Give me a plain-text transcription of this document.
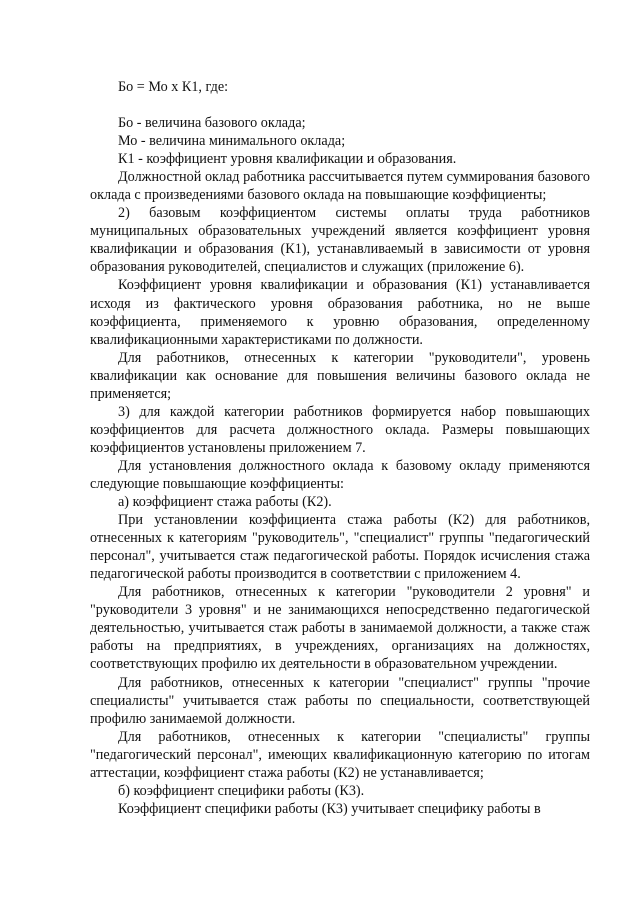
Бо = Мо х К1, где:

Бо - величина базового оклада;

Мо - величина минимального оклада;

К1 - коэффициент уровня квалификации и образования.

Должностной оклад работника рассчитывается путем суммирования базового оклада с произведениями базового оклада на повышающие коэффициенты;

2) базовым коэффициентом системы оплаты труда работников муниципальных образовательных учреждений является коэффициент уровня квалификации и образования (К1), устанавливаемый в зависимости от уровня образования руководителей, специалистов и служащих (приложение 6).

Коэффициент уровня квалификации и образования (К1) устанавливается исходя из фактического уровня образования работника, но не выше коэффициента, применяемого к уровню образования, определенному квалификационными характеристиками по должности.

Для работников, отнесенных к категории "руководители", уровень квалификации как основание для повышения величины базового оклада не применяется;

3) для каждой категории работников формируется набор повышающих коэффициентов для расчета должностного оклада. Размеры повышающих коэффициентов установлены приложением 7.

Для установления должностного оклада к базовому окладу применяются следующие повышающие коэффициенты:

а) коэффициент стажа работы (К2).

При установлении коэффициента стажа работы (К2) для работников, отнесенных к категориям "руководитель", "специалист" группы "педагогический персонал", учитывается стаж педагогической работы. Порядок исчисления стажа педагогической работы производится в соответствии с приложением 4.

Для работников, отнесенных к категории "руководители 2 уровня" и "руководители 3 уровня" и не занимающихся непосредственно педагогической деятельностью, учитывается стаж работы в занимаемой должности, а также стаж работы на предприятиях, в учреждениях, организациях на должностях, соответствующих профилю их деятельности в образовательном учреждении.

Для работников, отнесенных к категории "специалист" группы "прочие специалисты" учитывается стаж работы по специальности, соответствующей профилю занимаемой должности.

Для работников, отнесенных к категории "специалисты" группы "педагогический персонал", имеющих квалификационную категорию по итогам аттестации, коэффициент стажа работы (К2) не устанавливается;

б) коэффициент специфики работы (К3).

Коэффициент специфики работы (К3) учитывает специфику работы в
